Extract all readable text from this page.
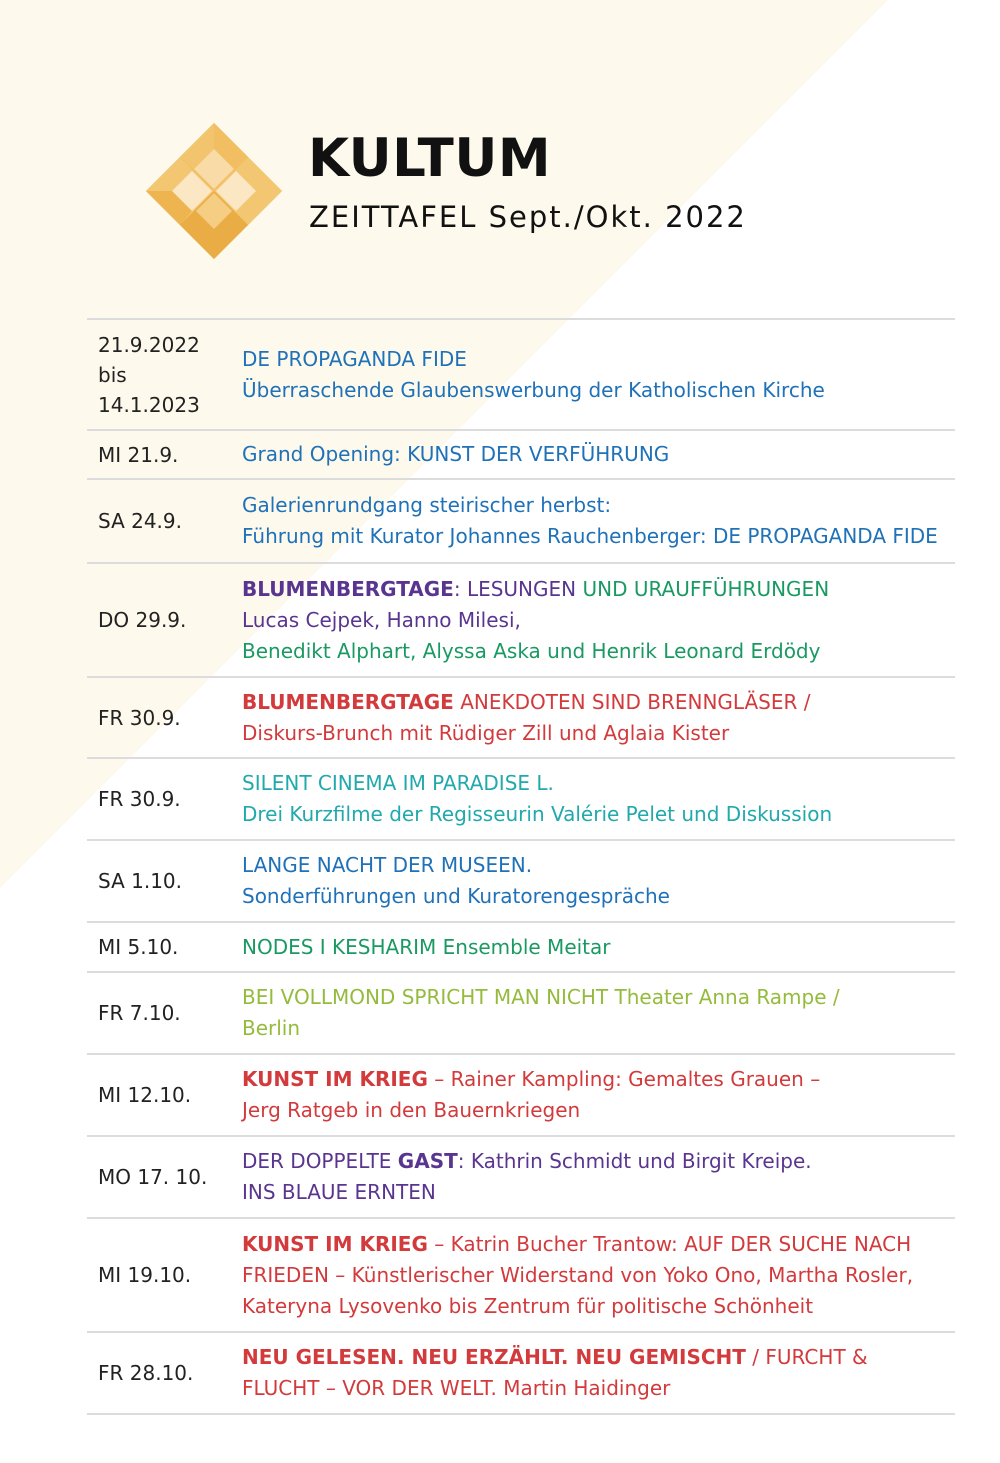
KULTUM
ZEITTAFEL Sept./Okt. 2022
21.9.2022
bis
14.1.2023
DE PROPAGANDA FIDE
Überraschende Glaubenswerbung der Katholischen Kirche
MI 21.9.	Grand Opening: KUNST DER VERFÜHRUNG
SA 24.9.
Galerienrundgang steirischer herbst:
Führung mit Kurator Johannes Rauchenberger: DE PROPAGANDA FIDE
DO 29.9.
BLUMENBERGTAGE: LESUNGEN UND URAUFFÜHRUNGEN
Lucas Cejpek, Hanno Milesi,
Benedikt Alphart, Alyssa Aska und Henrik Leonard Erdödy
FR 30.9.
BLUMENBERGTAGE ANEKDOTEN SIND BRENNGLÄSER /
Diskurs-Brunch mit Rüdiger Zill und Aglaia Kister
FR 30.9.
SILENT CINEMA IM PARADISE L.
Drei Kurzfilme der Regisseurin Valérie Pelet und Diskussion
SA 1.10.
LANGE NACHT DER MUSEEN.
Sonderführungen und Kuratorengespräche
MI 5.10.	NODES I KESHARIM Ensemble Meitar
FR 7.10.
BEI VOLLMOND SPRICHT MAN NICHT Theater Anna Rampe /
Berlin
MI 12.10.
KUNST IM KRIEG – Rainer Kampling: Gemaltes Grauen –
Jerg Ratgeb in den Bauernkriegen
MO 17. 10.
DER DOPPELTE GAST: Kathrin Schmidt und Birgit Kreipe.
INS BLAUE ERNTEN
MI 19.10.
KUNST IM KRIEG – Katrin Bucher Trantow: AUF DER SUCHE NACH
FRIEDEN – Künstlerischer Widerstand von Yoko Ono, Martha Rosler,
Kateryna Lysovenko bis Zentrum für politische Schönheit
FR 28.10.
NEU GELESEN. NEU ERZÄHLT. NEU GEMISCHT / FURCHT &
FLUCHT – VOR DER WELT. Martin Haidinger
